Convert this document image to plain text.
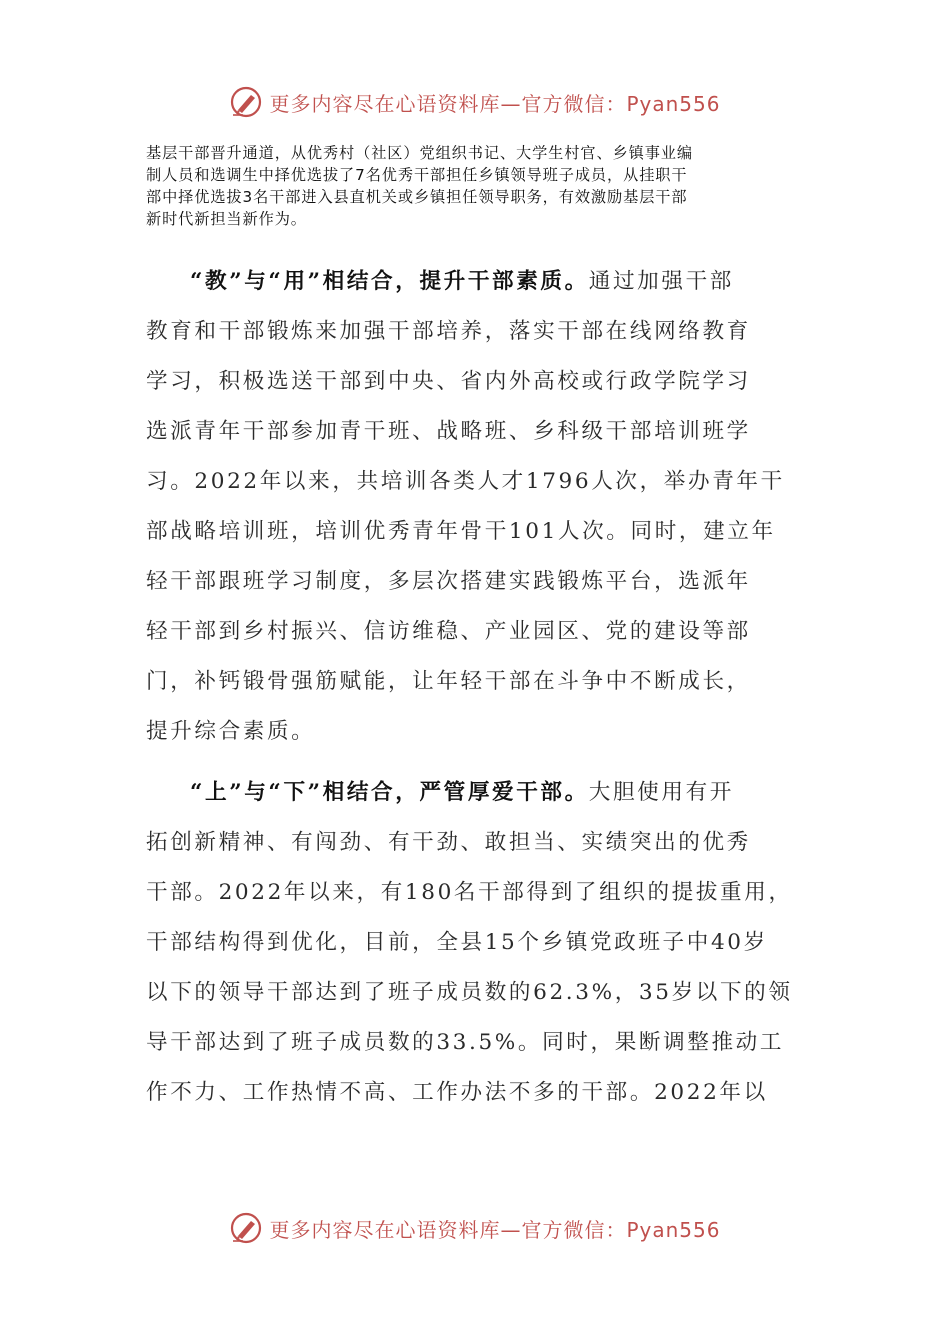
更多内容尽在心语资料库—官方微信：Pyan556
基层干部晋升通道，从优秀村（社区）党组织书记、大学生村官、乡镇事业编
制人员和选调生中择优选拔了7名优秀干部担任乡镇领导班子成员，从挂职干
部中择优选拔3名干部进入县直机关或乡镇担任领导职务，有效激励基层干部
新时代新担当新作为。
“教”与“用”相结合，提升干部素质。通过加强干部
教育和干部锻炼来加强干部培养，落实干部在线网络教育
学习，积极选送干部到中央、省内外高校或行政学院学习
选派青年干部参加青干班、战略班、乡科级干部培训班学
习。2022年以来，共培训各类人才1796人次，举办青年干
部战略培训班，培训优秀青年骨干101人次。同时，建立年
轻干部跟班学习制度，多层次搭建实践锻炼平台，选派年
轻干部到乡村振兴、信访维稳、产业园区、党的建设等部
门，补钙锻骨强筋赋能，让年轻干部在斗争中不断成长，
提升综合素质。
“上”与“下”相结合，严管厚爱干部。大胆使用有开
拓创新精神、有闯劲、有干劲、敢担当、实绩突出的优秀
干部。2022年以来，有180名干部得到了组织的提拔重用，
干部结构得到优化，目前，全县15个乡镇党政班子中40岁
以下的领导干部达到了班子成员数的62.3%，35岁以下的领
导干部达到了班子成员数的33.5%。同时，果断调整推动工
作不力、工作热情不高、工作办法不多的干部。2022年以
更多内容尽在心语资料库—官方微信：Pyan556
